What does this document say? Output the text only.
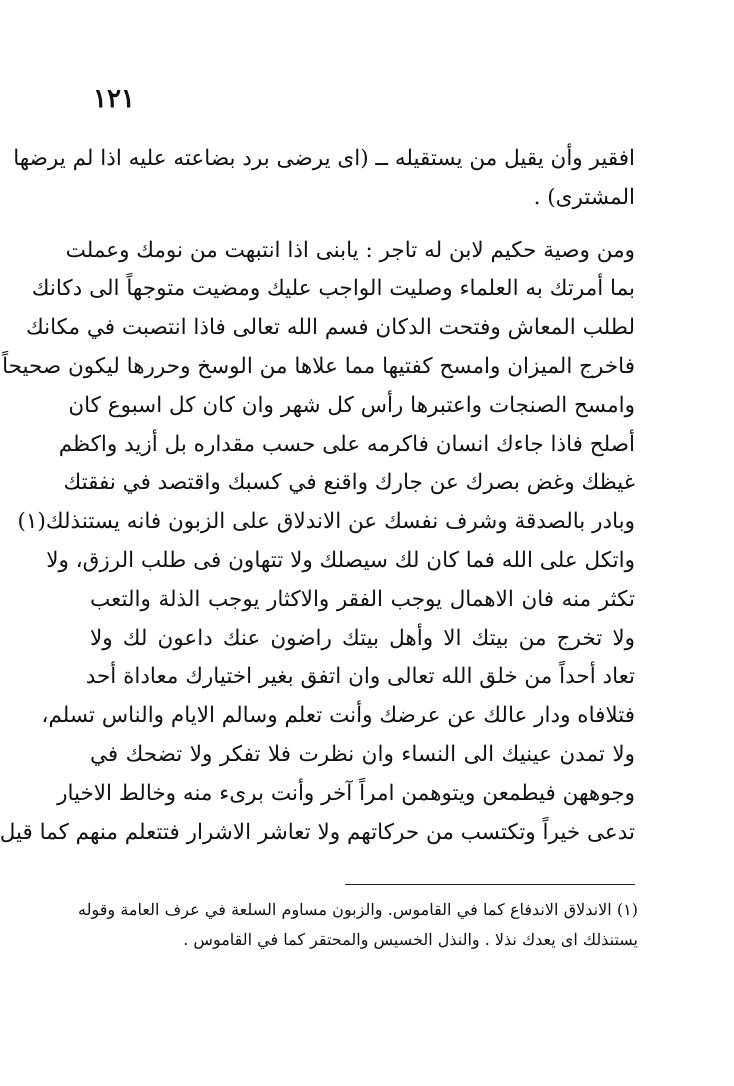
١٢١
افقير وأن يقيل من يستقيله ــ (اى يرضى برد بضاعته عليه اذا لم يرضها
المشترى) .
ومن وصية حكيم لابن له تاجر : يابنى اذا انتبهت من نومك وعملت
بما أمرتك به العلماء وصليت الواجب عليك ومضيت متوجهاً الى دكانك
لطلب المعاش وفتحت الدكان فسم الله تعالى فاذا انتصبت في مكانك
فاخرج الميزان وامسح كفتيها مما علاها من الوسخ وحررها ليكون صحيحاً
وامسح الصنجات واعتبرها رأس كل شهر وان كان كل اسبوع كان
أصلح فاذا جاءك انسان فاكرمه على حسب مقداره بل أزيد واكظم
غيظك وغض بصرك عن جارك واقنع في كسبك واقتصد في نفقتك
وبادر بالصدقة وشرف نفسك عن الاندلاق على الزبون فانه يستنذلك(١)
واتكل على الله فما كان لك سيصلك ولا تتهاون فى طلب الرزق، ولا
تكثر منه فان الاهمال يوجب الفقر والاكثار يوجب الذلة والتعب
ولا تخرج من بيتك الا وأهل بيتك راضون عنك داعون لك ولا
تعاد أحداً من خلق الله تعالى وان اتفق بغير اختيارك معاداة أحد
فتلافاه ودار عالك عن عرضك وأنت تعلم وسالم الايام والناس تسلم،
ولا تمدن عينيك الى النساء وان نظرت فلا تفكر ولا تضحك في
وجوههن فيطمعن ويتوهمن امراً آخر وأنت برىء منه وخالط الاخيار
تدعى خيراً وتكتسب من حركاتهم ولا تعاشر الاشرار فتتعلم منهم كما قيل
(١) الاندلاق الاندفاع كما في القاموس. والزبون مساوم السلعة في عرف العامة وقوله
يستنذلك اى يعدك نذلا . والنذل الخسيس والمحتقر كما في القاموس .
